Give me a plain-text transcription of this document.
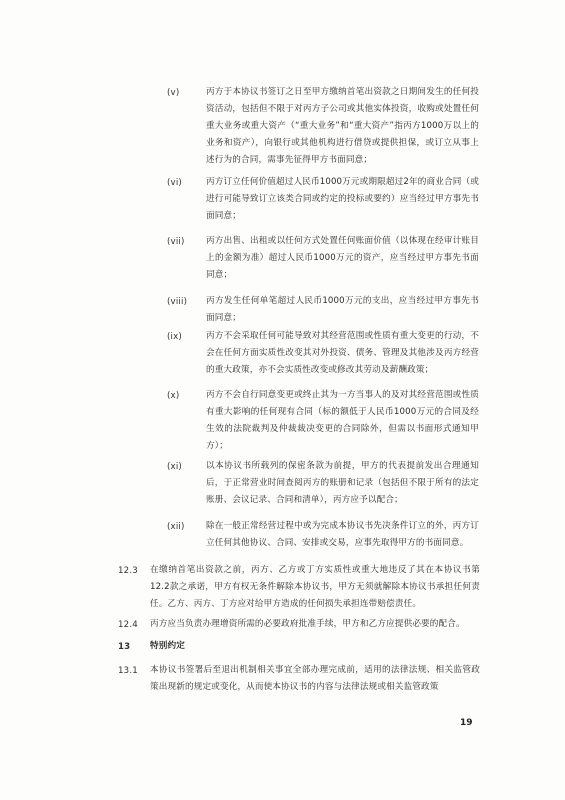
(v)	丙方于本协议书签订之日至甲方缴纳首笔出资款之日期间发生的任何投资活动，包括但不限于对丙方子公司或其他实体投资，收购或处置任何重大业务或重大资产（“重大业务”和“重大资产”指丙方1000万以上的业务和资产），向银行或其他机构进行借贷或提供担保，或订立从事上述行为的合同，需事先征得甲方书面同意；
(vi)	丙方订立任何价值超过人民币1000万元或期限超过2年的商业合同（或进行可能导致订立该类合同或约定的投标或要约）应当经过甲方事先书面同意；
(vii) 丙方出售、出租或以任何方式处置任何账面价值（以体现在经审计账目上的金额为准）超过人民币1000万元的资产，应当经过甲方事先书面同意；
(viii) 丙方发生任何单笔超过人民币1000万元的支出，应当经过甲方事先书面同意；
(ix)	丙方不会采取任何可能导致对其经营范围或性质有重大变更的行动，不会在任何方面实质性改变其对外投资、债务、管理及其他涉及丙方经营的重大政策，亦不会实质性改变或修改其劳动及薪酬政策；
(x)	丙方不会自行同意变更或终止其为一方当事人的及对其经营范围或性质有重大影响的任何现有合同（标的额低于人民币1000万元的合同及经生效的法院裁判及仲裁裁决变更的合同除外，但需以书面形式通知甲方）；
(xi)	以本协议书所载列的保密条款为前提，甲方的代表提前发出合理通知后，于正常营业时间查阅丙方的账册和记录（包括但不限于所有的法定账册、会议记录、合同和清单），丙方应予以配合；
(xii) 除在一般正常经营过程中或为完成本协议书先决条件订立的外，丙方订立任何其他协议、合同、安排或交易，应事先取得甲方的书面同意。
12.3 在缴纳首笔出资款之前，丙方、乙方或丁方实质性或重大地违反了其在本协议书第12.2款之承诺，甲方有权无条件解除本协议书，甲方无须就解除本协议书承担任何责任。乙方、丙方、丁方应对给甲方造成的任何损失承担连带赔偿责任。
12.4 丙方应当负责办理增资所需的必要政府批准手续，甲方和乙方应提供必要的配合。
13 特别约定
13.1 本协议书签署后至退出机制相关事宜全部办理完成前，适用的法律法规、相关监管政策出现新的规定或变化，从而使本协议书的内容与法律法规或相关监管政策
19
